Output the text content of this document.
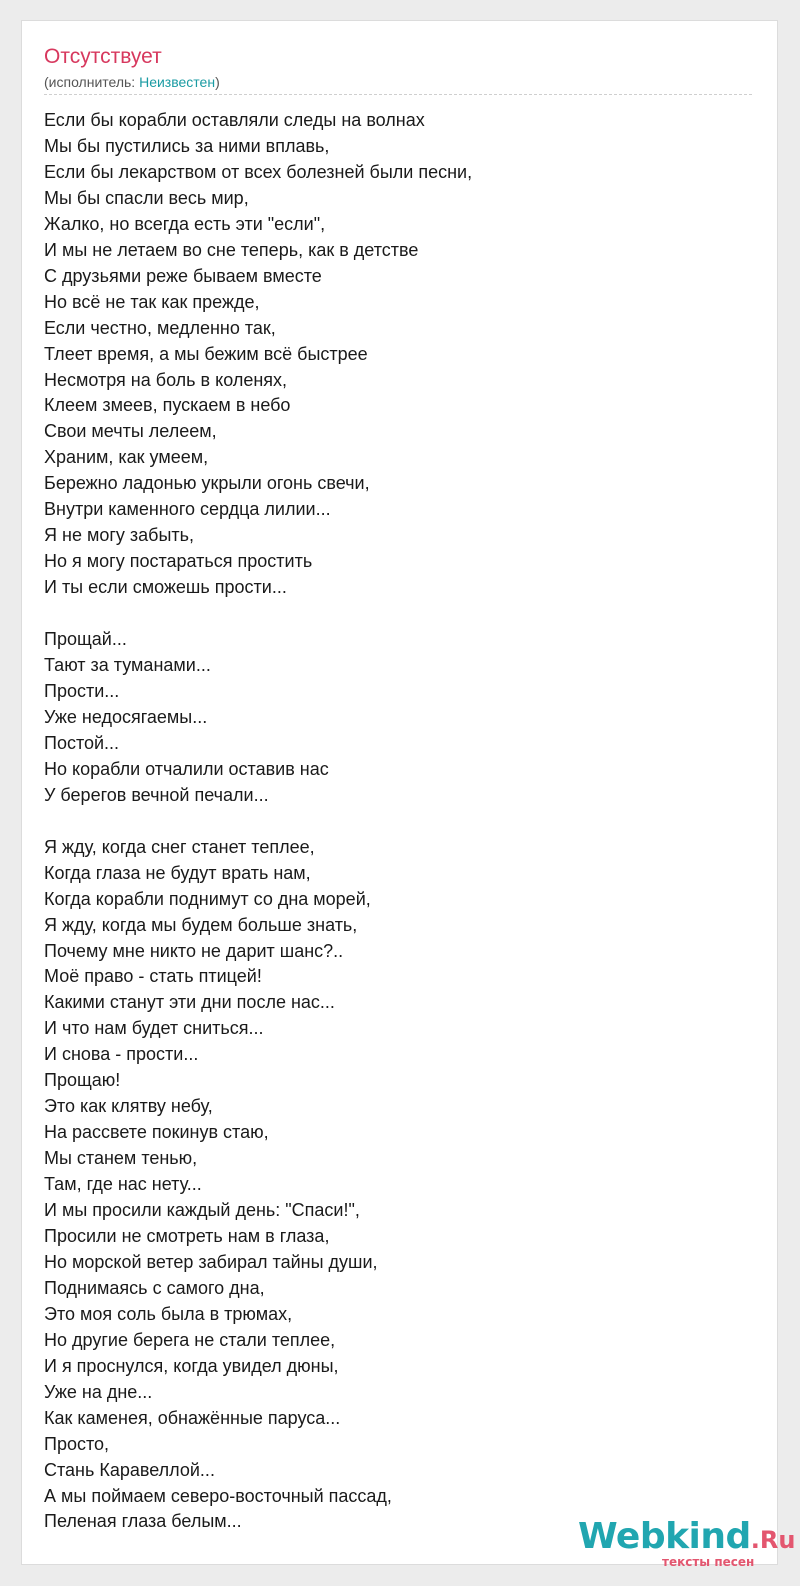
Отсутствует
(исполнитель: Неизвестен)
Если бы корабли оставляли следы на волнах
Мы бы пустились за ними вплавь,
Если бы лекарством от всех болезней были песни,
Мы бы спасли весь мир,
Жалко, но всегда есть эти "если",
И мы не летаем во сне теперь, как в детстве
С друзьями реже бываем вместе
Но всё не так как прежде,
Если честно, медленно так,
Тлеет время, а мы бежим всё быстрее
Несмотря на боль в коленях,
Клеем змеев, пускаем в небо
Свои мечты лелеем,
Храним, как умеем,
Бережно ладонью укрыли огонь свечи,
Внутри каменного сердца лилии...
Я не могу забыть,
Но я могу постараться простить
И ты если сможешь прости...

Прощай...
Тают за туманами...
Прости...
Уже недосягаемы...
Постой...
Но корабли отчалили оставив нас
У берегов вечной печали...

Я жду, когда снег станет теплее,
Когда глаза не будут врать нам,
Когда корабли поднимут со дна морей,
Я жду, когда мы будем больше знать,
Почему мне никто не дарит шанс?..
Моё право - стать птицей!
Какими станут эти дни после нас...
И что нам будет сниться...
И снова - прости...
Прощаю!
Это как клятву небу,
На рассвете покинув стаю,
Мы станем тенью,
Там, где нас нету...
И мы просили каждый день: "Спаси!",
Просили не смотреть нам в глаза,
Но морской ветер забирал тайны души,
Поднимаясь с самого дна,
Это моя соль была в трюмах,
Но другие берега не стали теплее,
И я проснулся, когда увидел дюны,
Уже на дне...
Как каменея, обнажённые паруса...
Просто,
Стань Каравеллой...
А мы поймаем северо-восточный пассад,
Пеленая глаза белым...	Webkind.Ru
тексты песен
